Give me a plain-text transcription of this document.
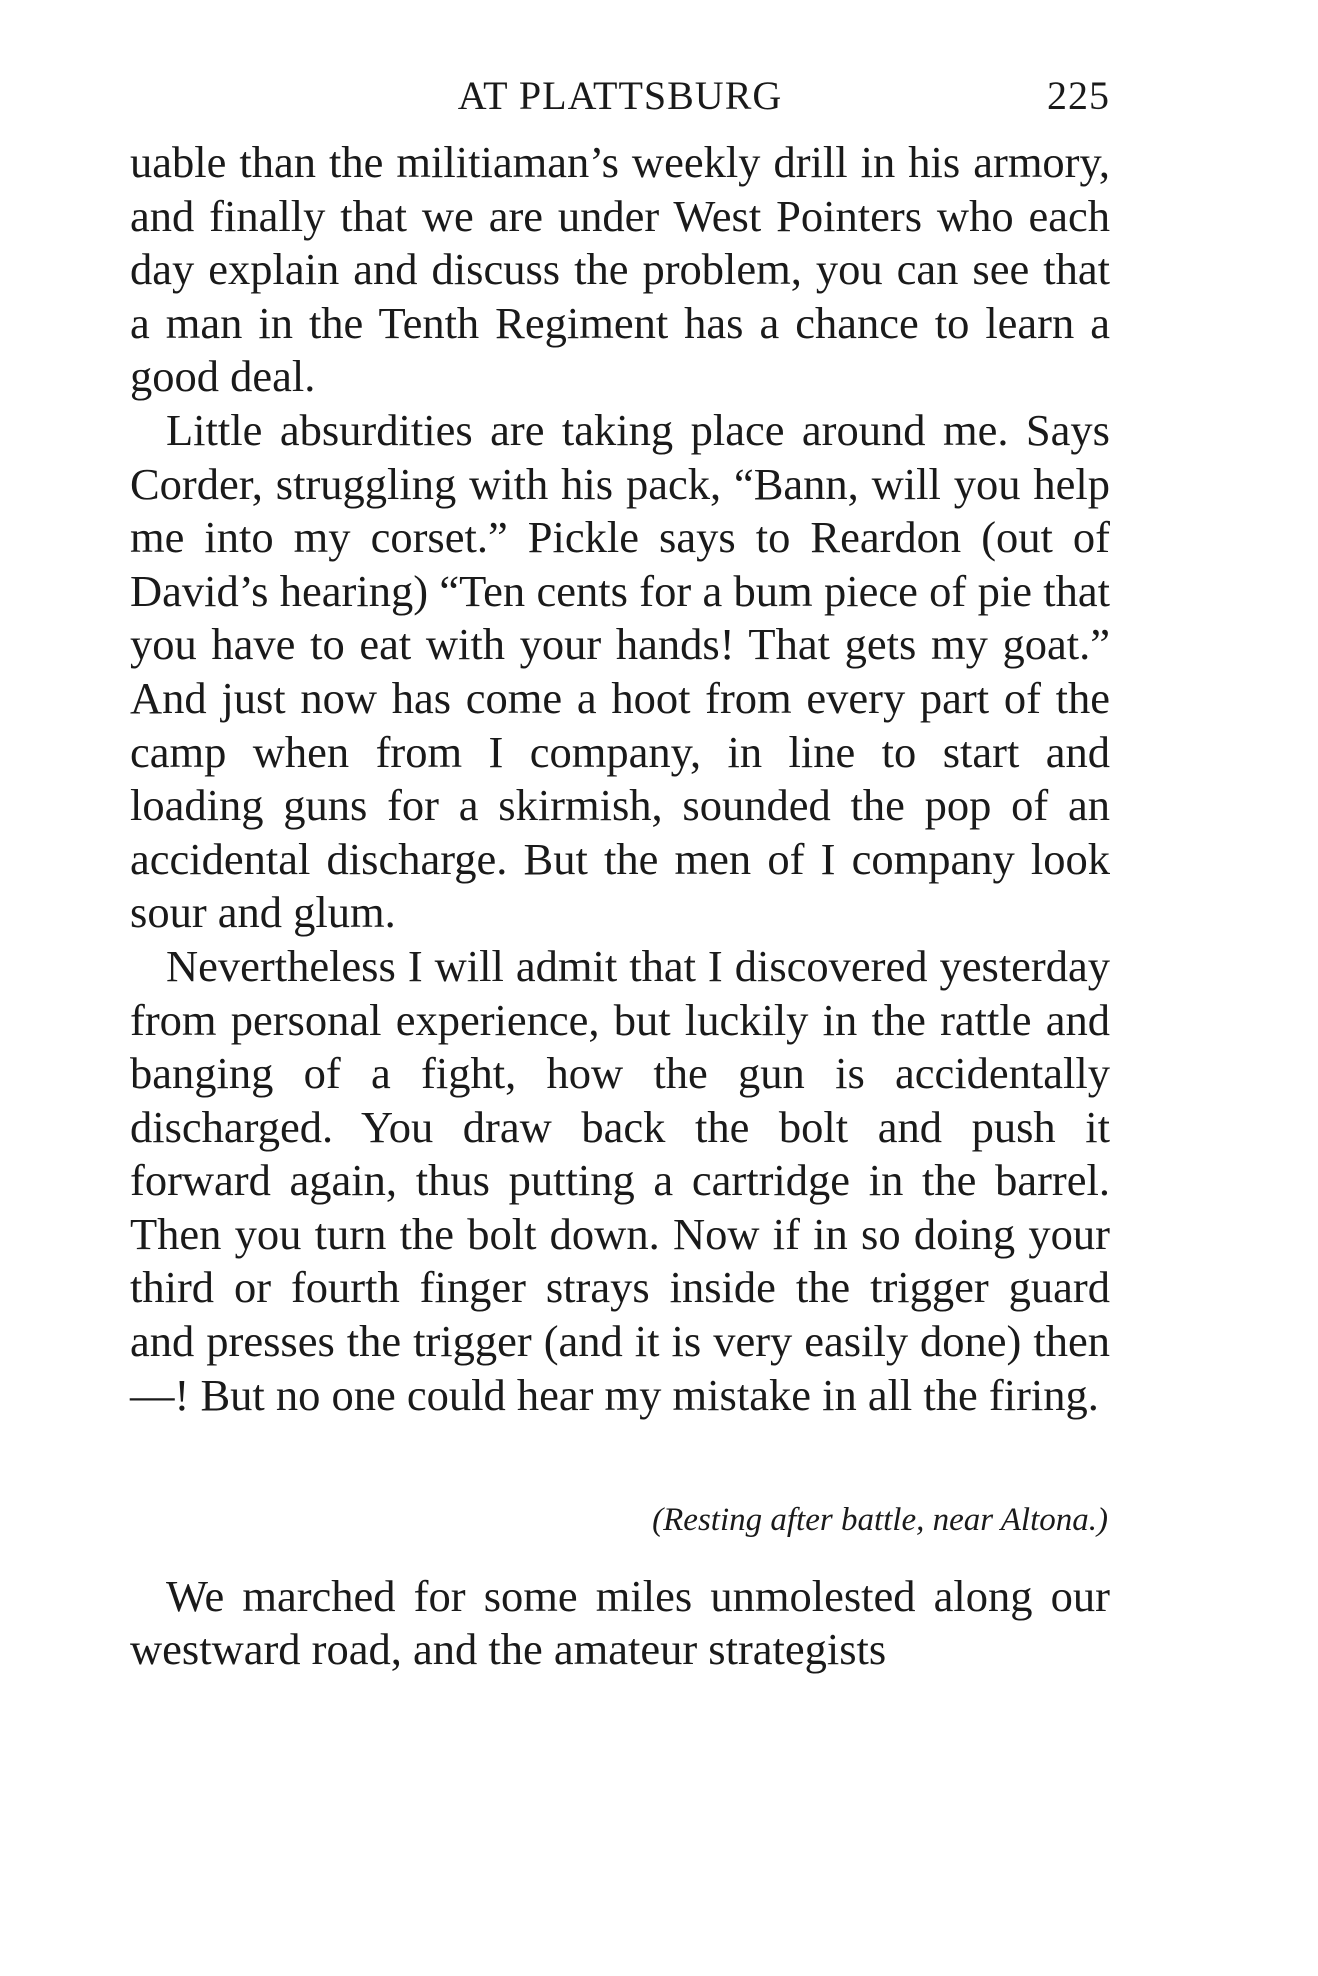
AT PLATTSBURG	225

uable than the militiaman’s weekly drill in his armory, and finally that we are under West Pointers who each day explain and discuss the problem, you can see that a man in the Tenth Regiment has a chance to learn a good deal.

Little absurdities are taking place around me. Says Corder, struggling with his pack, “Bann, will you help me into my corset.” Pickle says to Reardon (out of David’s hearing) “Ten cents for a bum piece of pie that you have to eat with your hands! That gets my goat.” And just now has come a hoot from every part of the camp when from I company, in line to start and loading guns for a skirmish, sounded the pop of an accidental discharge. But the men of I company look sour and glum.

Nevertheless I will admit that I discovered yesterday from personal experience, but luckily in the rattle and banging of a fight, how the gun is accidentally discharged. You draw back the bolt and push it forward again, thus putting a cartridge in the barrel. Then you turn the bolt down. Now if in so doing your third or fourth finger strays inside the trigger guard and presses the trigger (and it is very easily done) then—! But no one could hear my mistake in all the firing.

(Resting after battle, near Altona.)

We marched for some miles unmolested along our westward road, and the amateur strategists
